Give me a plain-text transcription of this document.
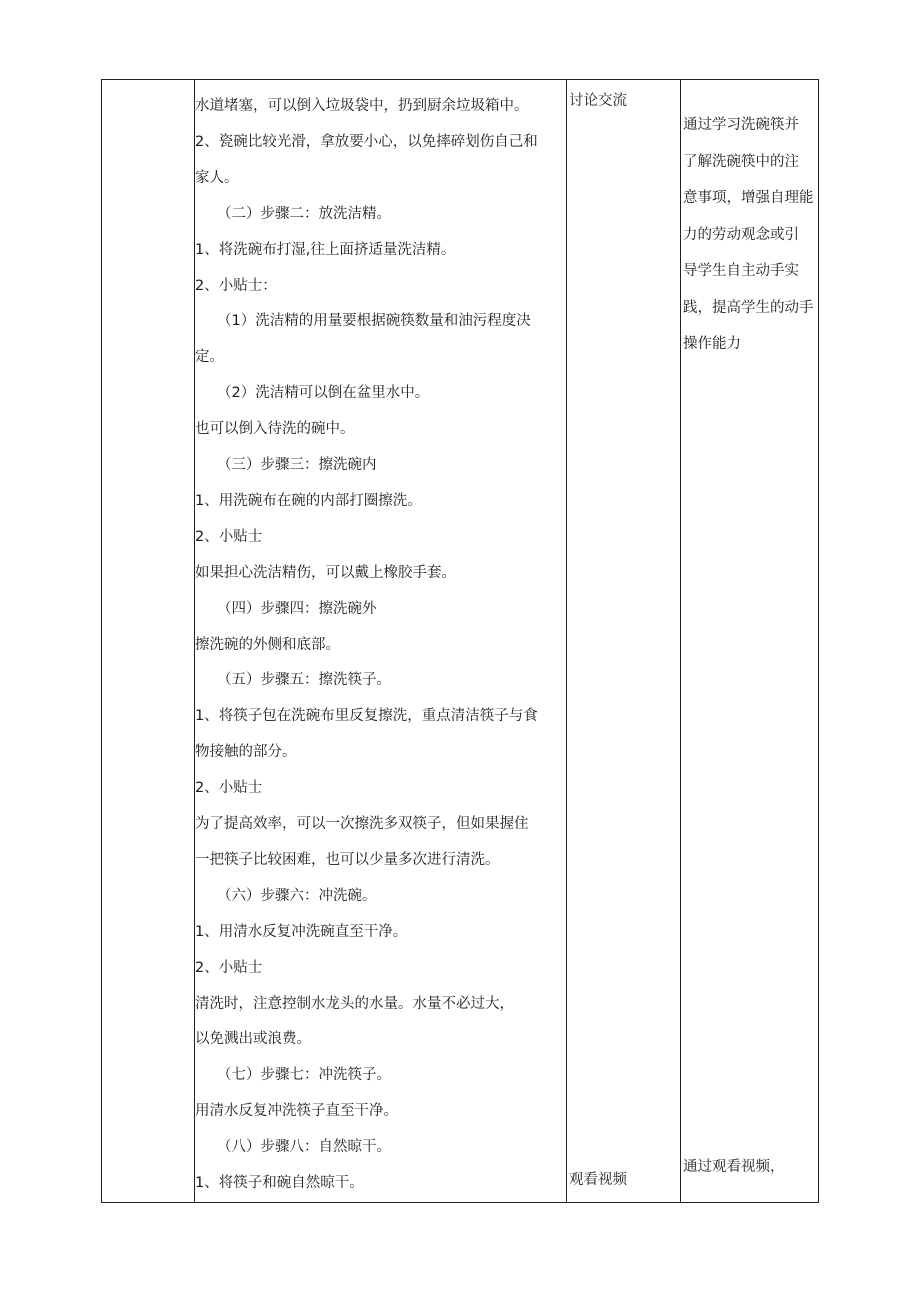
水道堵塞，可以倒入垃圾袋中，扔到厨余垃圾箱中。
2、瓷碗比较光滑，拿放要小心，以免摔碎划伤自己和
家人。
（二）步骤二：放洗洁精。
1、将洗碗布打湿,往上面挤适量洗洁精。
2、小贴士：
（1）洗洁精的用量要根据碗筷数量和油污程度决
定。
（2）洗洁精可以倒在盆里水中。
也可以倒入待洗的碗中。
（三）步骤三：擦洗碗内
1、用洗碗布在碗的内部打圈擦洗。
2、小贴士
如果担心洗洁精伤，可以戴上橡胶手套。
（四）步骤四：擦洗碗外
擦洗碗的外侧和底部。
（五）步骤五：擦洗筷子。
1、将筷子包在洗碗布里反复擦洗，重点清洁筷子与食
物接触的部分。
2、小贴士
为了提高效率，可以一次擦洗多双筷子，但如果握住
一把筷子比较困难，也可以少量多次进行清洗。
（六）步骤六：冲洗碗。
1、用清水反复冲洗碗直至干净。
2、小贴士
清洗时，注意控制水龙头的水量。水量不必过大，
以免溅出或浪费。
（七）步骤七：冲洗筷子。
用清水反复冲洗筷子直至干净。
（八）步骤八：自然晾干。
1、将筷子和碗自然晾干。
讨论交流
观看视频
通过观看视频，
通过学习洗碗筷并
了解洗碗筷中的注
意事项，增强自理能
力的劳动观念或引
导学生自主动手实
践，提高学生的动手
操作能力
